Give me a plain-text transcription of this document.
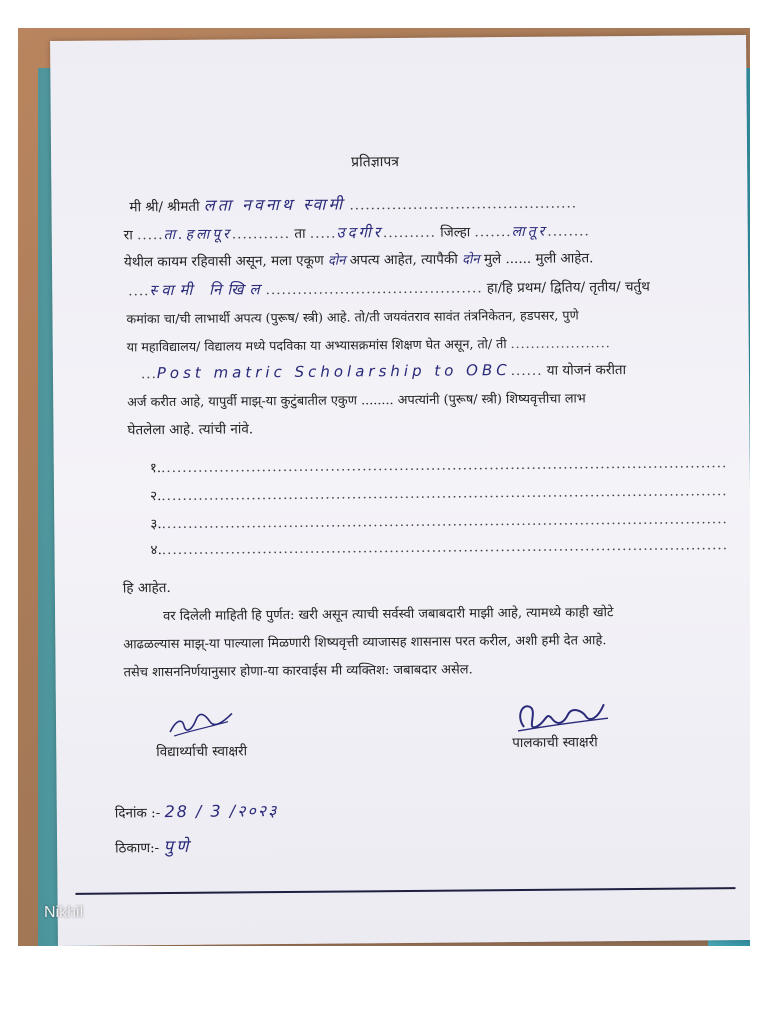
प्रतिज्ञापत्र
मी श्री/ श्रीमती लता नवनाथ स्वामी ...........................................
रा .....ता.हलापूर........... ता .....उदगीर.......... जिल्हा .......लातूर........
येथील कायम रहिवासी असून, मला एकूण दोन अपत्य आहेत, त्यापैकी दोन मुले ...... मुली आहेत.
....स्वामी निखिल......................................... हा/हि प्रथम/ द्वितिय/ तृतीय/ चर्तुथ
कमांका चा/ची लाभार्थी अपत्य (पुरूष/ स्त्री) आहे. तो/ती जयवंतराव सावंत तंत्रनिकेतन, हडपसर, पुणे
या महाविद्यालय/ विद्यालय मध्ये पदविका या अभ्यासक्रमांस शिक्षण घेत असून, तो/ ती ....................
...Post matric Scholarship to OBC...... या योजनं करीता
अर्ज करीत आहे, यापुर्वी माझ्-या कुटुंबातील एकुण ........ अपत्यांनी (पुरूष/ स्त्री) शिष्यवृत्तीचा लाभ
घेतलेला आहे. त्यांची नांवे.
१............................................................................................................
२............................................................................................................
३............................................................................................................
४............................................................................................................
हि आहेत.
वर दिलेली माहिती हि पुर्णत: खरी असून त्याची सर्वस्वी जबाबदारी माझी आहे, त्यामध्ये काही खोटे
आढळल्यास माझ्-या पाल्याला मिळणारी शिष्यवृत्ती व्याजासह शासनास परत करील, अशी हमी देत आहे.
तसेच शासननिर्णयानुसार होणा-या कारवाईस मी व्यक्तिश: जबाबदार असेल.
विद्यार्थ्याची स्वाक्षरी
पालकाची स्वाक्षरी
दिनांक :- 28 / 3 /२०२३
ठिकाण:- पुणे
Nikhil
